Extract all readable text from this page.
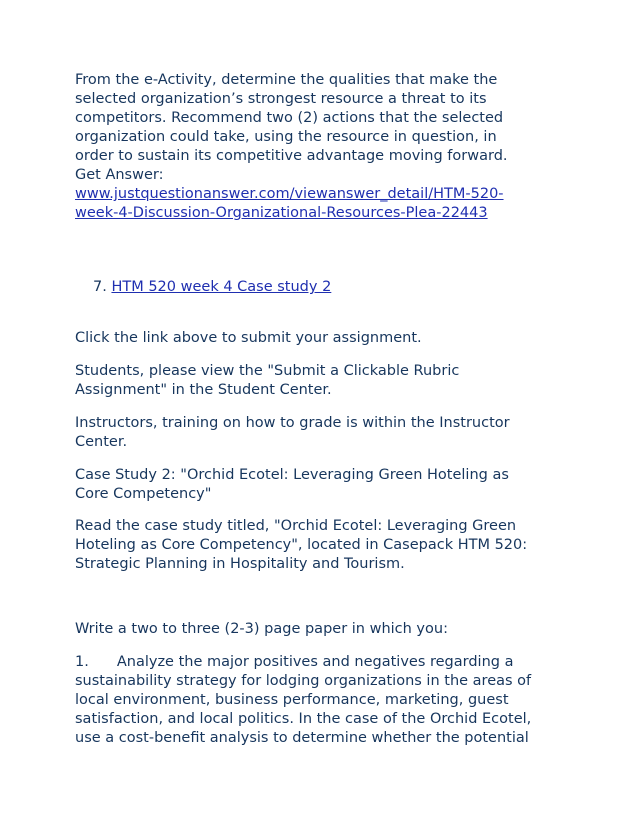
From the e-Activity, determine the qualities that make the

selected organization’s strongest resource a threat to its

competitors. Recommend two (2) actions that the selected

organization could take, using the resource in question, in

order to sustain its competitive advantage moving forward.

Get Answer:

www.justquestionanswer.com/viewanswer_detail/HTM-520-

week-4-Discussion-Organizational-Resources-Plea-22443

7. HTM 520 week 4 Case study 2

Click the link above to submit your assignment.

Students, please view the "Submit a Clickable Rubric

Assignment" in the Student Center.

Instructors, training on how to grade is within the Instructor

Center.

Case Study 2: "Orchid Ecotel: Leveraging Green Hoteling as

Core Competency"

Read the case study titled, "Orchid Ecotel: Leveraging Green

Hoteling as Core Competency", located in Casepack HTM 520:

Strategic Planning in Hospitality and Tourism.

Write a two to three (2-3) page paper in which you:

1. Analyze the major positives and negatives regarding a

sustainability strategy for lodging organizations in the areas of

local environment, business performance, marketing, guest

satisfaction, and local politics. In the case of the Orchid Ecotel,

use a cost-benefit analysis to determine whether the potential
